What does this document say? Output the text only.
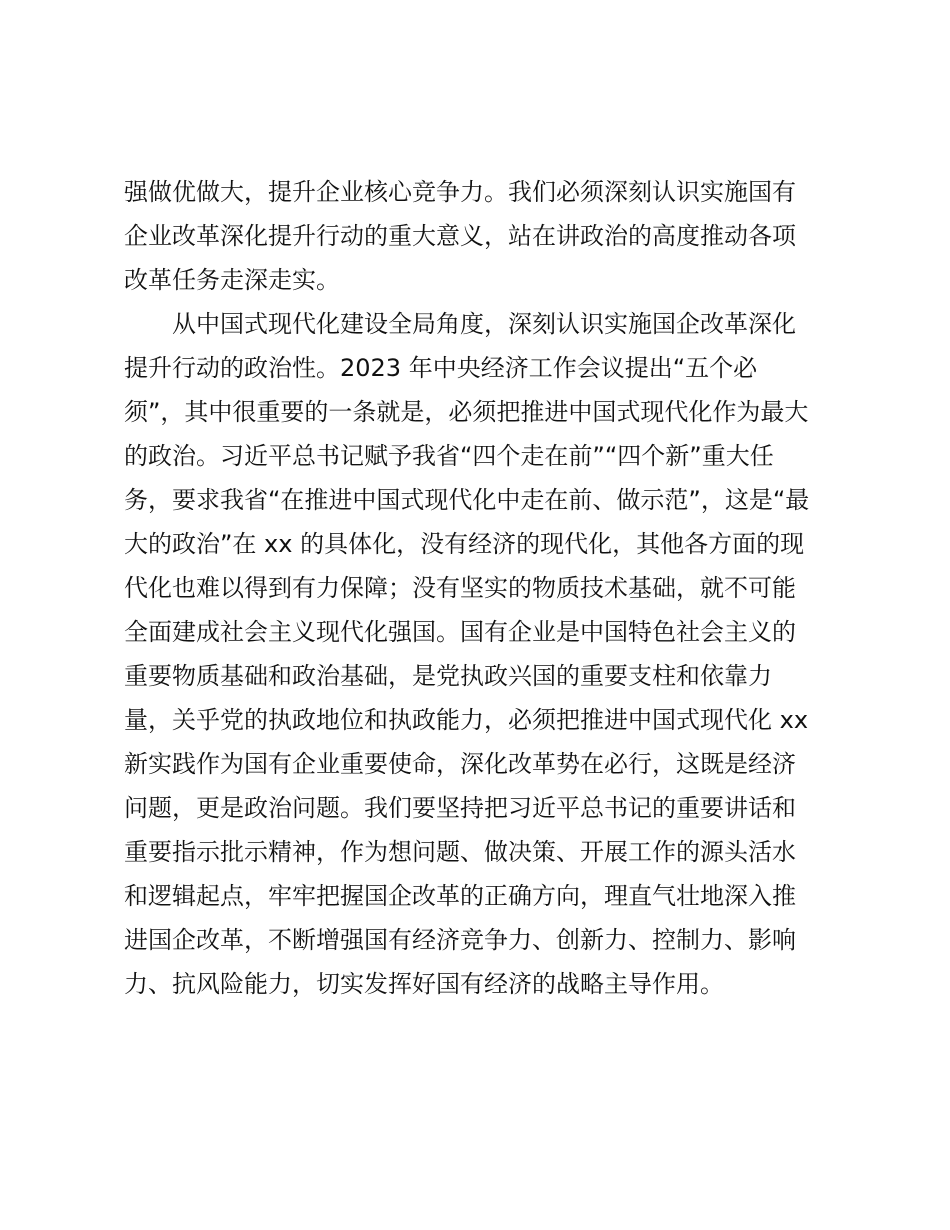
强做优做大，提升企业核心竞争力。我们必须深刻认识实施国有
企业改革深化提升行动的重大意义，站在讲政治的高度推动各项
改革任务走深走实。
从中国式现代化建设全局角度，深刻认识实施国企改革深化
提升行动的政治性。2023 年中央经济工作会议提出“五个必
须”，其中很重要的一条就是，必须把推进中国式现代化作为最大
的政治。习近平总书记赋予我省“四个走在前”“四个新”重大任
务，要求我省“在推进中国式现代化中走在前、做示范”，这是“最
大的政治”在 xx 的具体化，没有经济的现代化，其他各方面的现
代化也难以得到有力保障；没有坚实的物质技术基础，就不可能
全面建成社会主义现代化强国。国有企业是中国特色社会主义的
重要物质基础和政治基础，是党执政兴国的重要支柱和依靠力
量，关乎党的执政地位和执政能力，必须把推进中国式现代化 xx
新实践作为国有企业重要使命，深化改革势在必行，这既是经济
问题，更是政治问题。我们要坚持把习近平总书记的重要讲话和
重要指示批示精神，作为想问题、做决策、开展工作的源头活水
和逻辑起点，牢牢把握国企改革的正确方向，理直气壮地深入推
进国企改革，不断增强国有经济竞争力、创新力、控制力、影响
力、抗风险能力，切实发挥好国有经济的战略主导作用。
